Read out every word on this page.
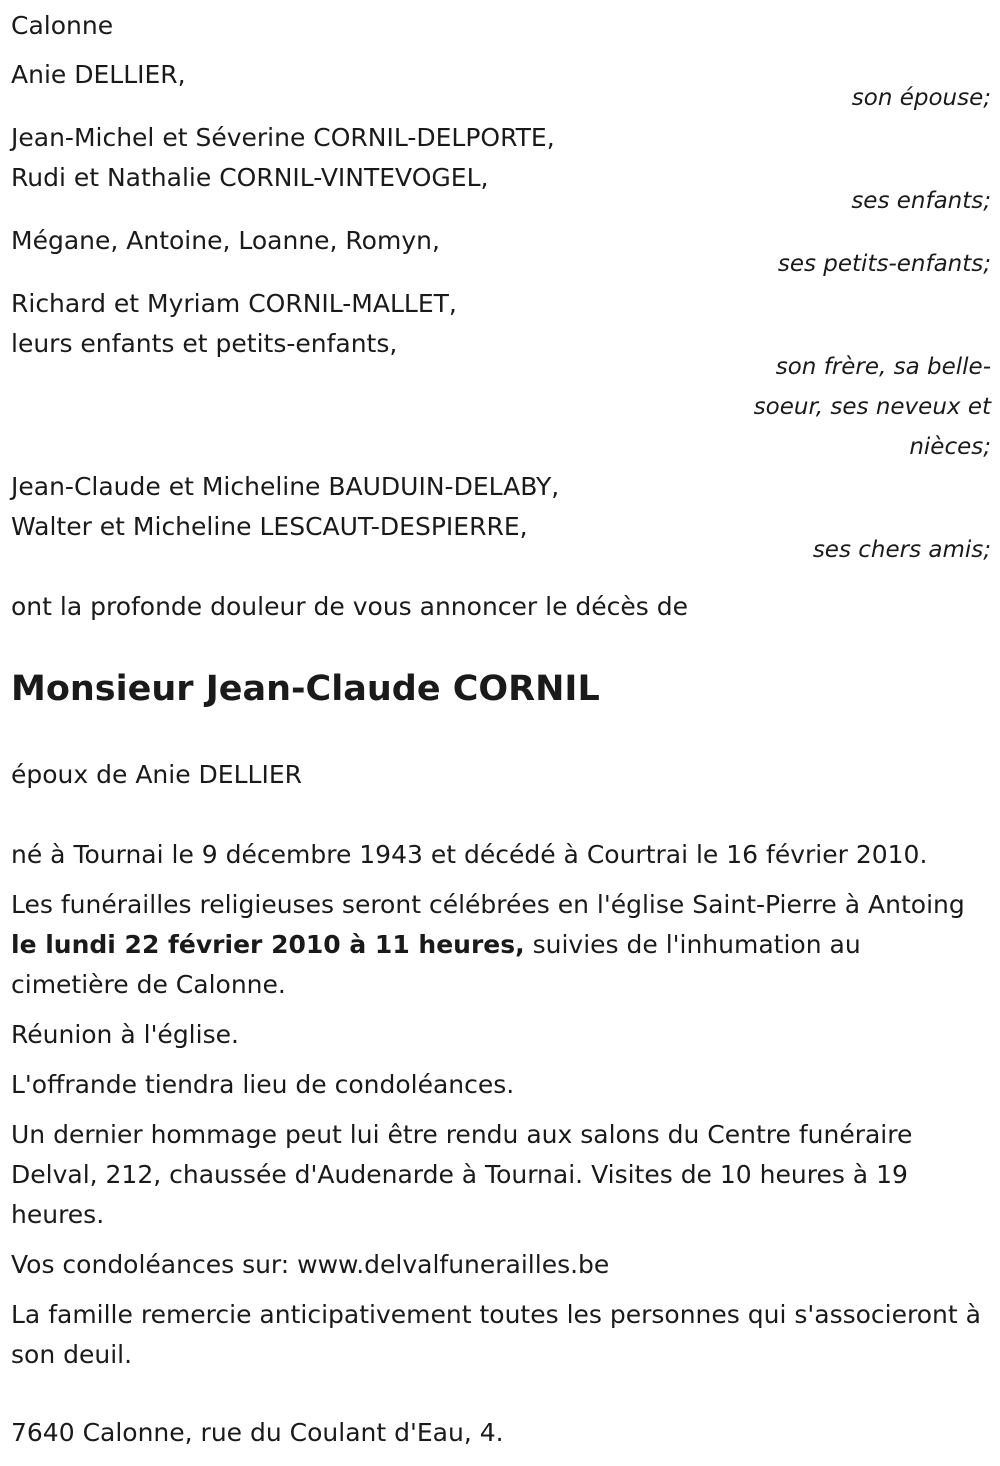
Calonne

Anie DELLIER,

son épouse;

Jean-Michel et Séverine CORNIL-DELPORTE,

Rudi et Nathalie CORNIL-VINTEVOGEL,

ses enfants;

Mégane, Antoine, Loanne, Romyn,

ses petits-enfants;

Richard et Myriam CORNIL-MALLET,

leurs enfants et petits-enfants,

son frère, sa belle-soeur, ses neveux et nièces;

Jean-Claude et Micheline BAUDUIN-DELABY,

Walter et Micheline LESCAUT-DESPIERRE,

ses chers amis;

ont la profonde douleur de vous annoncer le décès de

Monsieur Jean-Claude CORNIL

époux de Anie DELLIER

né à Tournai le 9 décembre 1943 et décédé à Courtrai le 16 février 2010.

Les funérailles religieuses seront célébrées en l'église Saint-Pierre à Antoing le lundi 22 février 2010 à 11 heures, suivies de l'inhumation au cimetière de Calonne.

Réunion à l'église.

L'offrande tiendra lieu de condoléances.

Un dernier hommage peut lui être rendu aux salons du Centre funéraire Delval, 212, chaussée d'Audenarde à Tournai. Visites de 10 heures à 19 heures.

Vos condoléances sur: www.delvalfunerailles.be

La famille remercie anticipativement toutes les personnes qui s'associeront à son deuil.

7640 Calonne, rue du Coulant d'Eau, 4.
